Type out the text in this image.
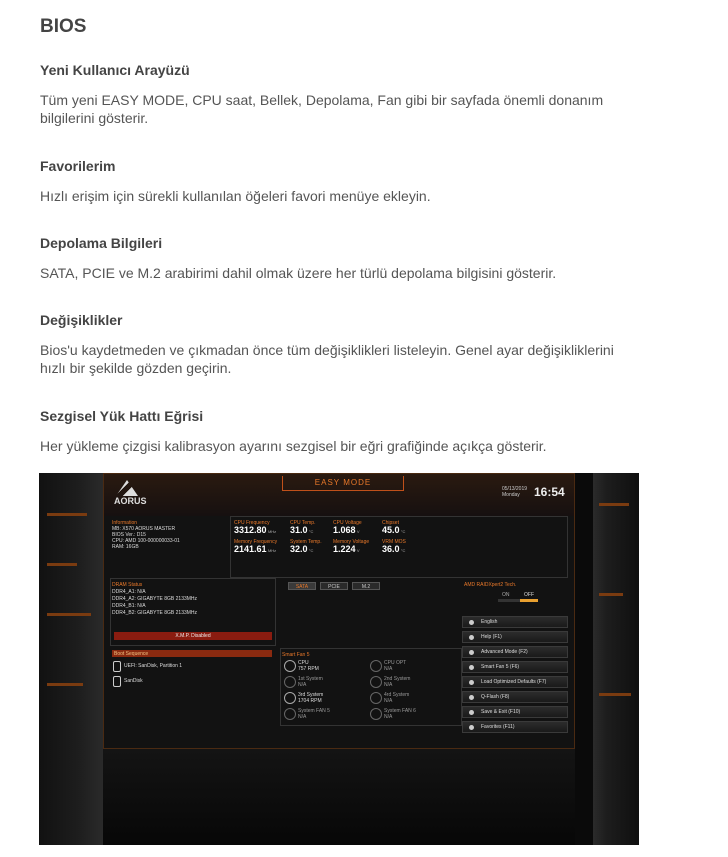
BIOS
Yeni Kullanıcı Arayüzü

Tüm yeni EASY MODE, CPU saat, Bellek, Depolama, Fan gibi bir sayfada önemli donanım bilgilerini gösterir.

Favorilerim

Hızlı erişim için sürekli kullanılan öğeleri favori menüye ekleyin.

Depolama Bilgileri

SATA, PCIE ve M.2 arabirimi dahil olmak üzere her türlü depolama bilgisini gösterir.

Değişiklikler

Bios'u kaydetmeden ve çıkmadan önce tüm değişiklikleri listeleyin. Genel ayar değişikliklerini hızlı bir şekilde gözden geçirin.

Sezgisel Yük Hattı Eğrisi

Her yükleme çizgisi kalibrasyon ayarını sezgisel bir eğri grafiğinde açıkça gösterir.

EASY MODE
AORUS
05/13/2019
Monday	16:54
Information
MB: X570 AORUS MASTER
BIOS Ver.: D15
CPU: AMD 100-000000033-01
RAM: 16GB
CPU Frequency
3312.80 MHz
CPU Temp.
31.0 °C
CPU Voltage
1.068 V
Chipset
45.0 °C
Memory Frequency
2141.61 MHz
System Temp.
32.0 °C
Memory Voltage
1.224 V
VRM MOS
36.0 °C
DRAM Status
DDR4_A1: N/A
DDR4_A2: GIGABYTE 8GB 2133MHz
DDR4_B1: N/A
DDR4_B2: GIGABYTE 8GB 2133MHz
X.M.P. Disabled
Boot Sequence
UEFI: SanDisk, Partition 1
SanDisk
SATA	PCIE	M.2
Smart Fan 5
CPU
757 RPM
CPU OPT
N/A
1st System
N/A
2nd System
N/A
3rd System
1704 RPM
4rd System
N/A
System FAN 5
N/A
System FAN 6
N/A
AMD RAIDXpert2 Tech.
ON	OFF
English
Help (F1)
Advanced Mode (F2)
Smart Fan 5 (F6)
Load Optimized Defaults (F7)
Q-Flash (F8)
Save & Exit (F10)
Favorites (F11)
